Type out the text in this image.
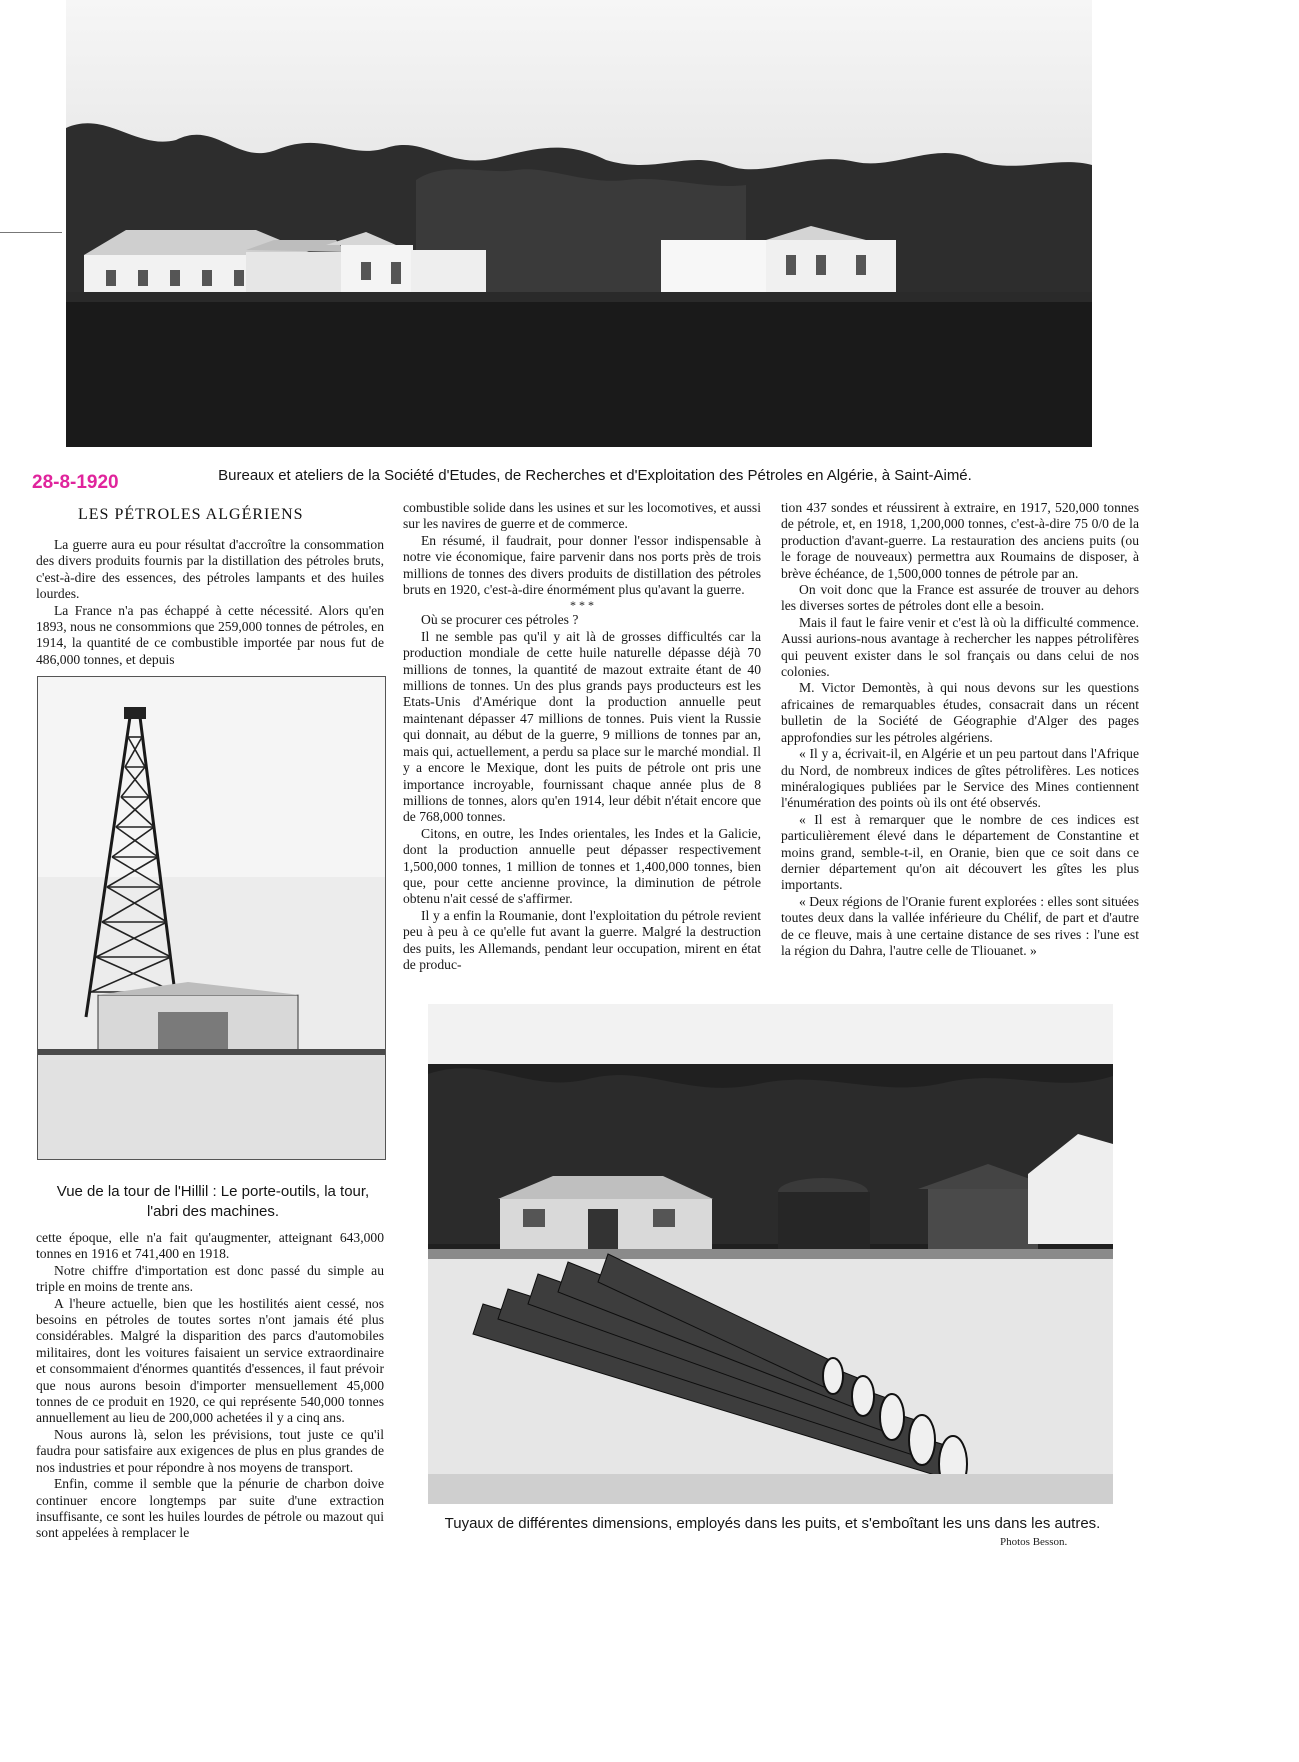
28-8-1920	Bureaux et ateliers de la Société d'Etudes, de Recherches et d'Exploitation des Pétroles en Algérie, à Saint-Aimé.
LES PÉTROLES ALGÉRIENS

La guerre aura eu pour résultat d'accroître la consommation des divers produits fournis par la distillation des pétroles bruts, c'est-à-dire des essences, des pétroles lampants et des huiles lourdes.

La France n'a pas échappé à cette nécessité. Alors qu'en 1893, nous ne consommions que 259,000 tonnes de pétroles, en 1914, la quantité de ce combustible importée par nous fut de 486,000 tonnes, et depuis

Vue de la tour de l'Hillil : Le porte-outils, la tour, l'abri des machines.

cette époque, elle n'a fait qu'augmenter, atteignant 643,000 tonnes en 1916 et 741,400 en 1918.

Notre chiffre d'importation est donc passé du simple au triple en moins de trente ans.

A l'heure actuelle, bien que les hostilités aient cessé, nos besoins en pétroles de toutes sortes n'ont jamais été plus considérables. Malgré la disparition des parcs d'automobiles militaires, dont les voitures faisaient un service extraordinaire et consommaient d'énormes quantités d'essences, il faut prévoir que nous aurons besoin d'importer mensuellement 45,000 tonnes de ce produit en 1920, ce qui représente 540,000 tonnes annuellement au lieu de 200,000 achetées il y a cinq ans.

Nous aurons là, selon les prévisions, tout juste ce qu'il faudra pour satisfaire aux exigences de plus en plus grandes de nos industries et pour répondre à nos moyens de transport.

Enfin, comme il semble que la pénurie de charbon doive continuer encore longtemps par suite d'une extraction insuffisante, ce sont les huiles lourdes de pétrole ou mazout qui sont appelées à remplacer le

combustible solide dans les usines et sur les locomotives, et aussi sur les navires de guerre et de commerce.

En résumé, il faudrait, pour donner l'essor indispensable à notre vie économique, faire parvenir dans nos ports près de trois millions de tonnes des divers produits de distillation des pétroles bruts en 1920, c'est-à-dire énormément plus qu'avant la guerre.

* * *

Où se procurer ces pétroles ?

Il ne semble pas qu'il y ait là de grosses difficultés car la production mondiale de cette huile naturelle dépasse déjà 70 millions de tonnes, la quantité de mazout extraite étant de 40 millions de tonnes. Un des plus grands pays producteurs est les Etats-Unis d'Amérique dont la production annuelle peut maintenant dépasser 47 millions de tonnes. Puis vient la Russie qui donnait, au début de la guerre, 9 millions de tonnes par an, mais qui, actuellement, a perdu sa place sur le marché mondial. Il y a encore le Mexique, dont les puits de pétrole ont pris une importance incroyable, fournissant chaque année plus de 8 millions de tonnes, alors qu'en 1914, leur débit n'était encore que de 768,000 tonnes.

Citons, en outre, les Indes orientales, les Indes et la Galicie, dont la production annuelle peut dépasser respectivement 1,500,000 tonnes, 1 million de tonnes et 1,400,000 tonnes, bien que, pour cette ancienne province, la diminution de pétrole obtenu n'ait cessé de s'affirmer.

Il y a enfin la Roumanie, dont l'exploitation du pétrole revient peu à peu à ce qu'elle fut avant la guerre. Malgré la destruction des puits, les Allemands, pendant leur occupation, mirent en état de produc-

tion 437 sondes et réussirent à extraire, en 1917, 520,000 tonnes de pétrole, et, en 1918, 1,200,000 tonnes, c'est-à-dire 75 0/0 de la production d'avant-guerre. La restauration des anciens puits (ou le forage de nouveaux) permettra aux Roumains de disposer, à brève échéance, de 1,500,000 tonnes de pétrole par an.

On voit donc que la France est assurée de trouver au dehors les diverses sortes de pétroles dont elle a besoin.

Mais il faut le faire venir et c'est là où la difficulté commence. Aussi aurions-nous avantage à rechercher les nappes pétrolifères qui peuvent exister dans le sol français ou dans celui de nos colonies.

M. Victor Demontès, à qui nous devons sur les questions africaines de remarquables études, consacrait dans un récent bulletin de la Société de Géographie d'Alger des pages approfondies sur les pétroles algériens.

« Il y a, écrivait-il, en Algérie et un peu partout dans l'Afrique du Nord, de nombreux indices de gîtes pétrolifères. Les notices minéralogiques publiées par le Service des Mines contiennent l'énumération des points où ils ont été observés.

« Il est à remarquer que le nombre de ces indices est particulièrement élevé dans le département de Constantine et moins grand, semble-t-il, en Oranie, bien que ce soit dans ce dernier département qu'on ait découvert les gîtes les plus importants.

« Deux régions de l'Oranie furent explorées : elles sont situées toutes deux dans la vallée inférieure du Chélif, de part et d'autre de ce fleuve, mais à une certaine distance de ses rives : l'une est la région du Dahra, l'autre celle de Tliouanet. »

Tuyaux de différentes dimensions, employés dans les puits, et s'emboîtant les uns dans les autres.
Photos Besson.
